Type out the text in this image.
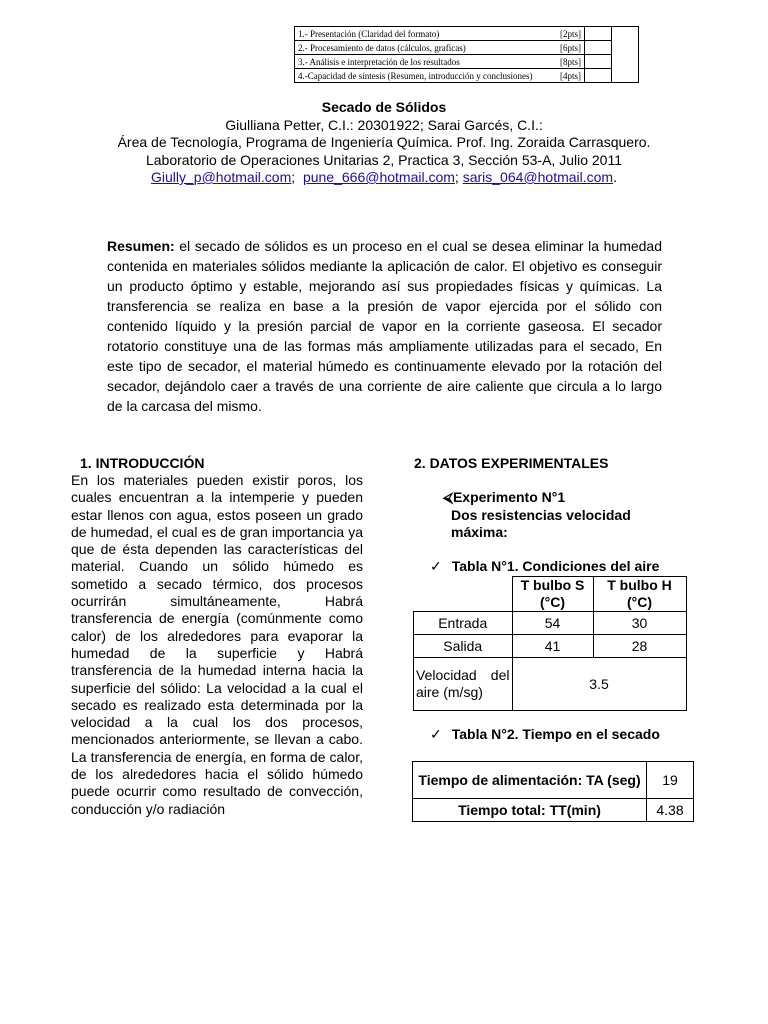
1.- Presentación (Claridad del formato) [2pts]		

2.- Procesamiento de datos (cálculos, graficas) [6pts]		

3.- Análisis e interpretación de los resultados [8pts]		

4.-Capacidad de síntesis (Resumen, introducción y conclusiones) [4pts]		

Secado de Sólidos
Giulliana Petter, C.I.: 20301922; Sarai Garcés, C.I.:
Área de Tecnología, Programa de Ingeniería Química. Prof. Ing. Zoraida Carrasquero.
Laboratorio de Operaciones Unitarias 2, Practica 3, Sección 53-A, Julio 2011
Giully_p@hotmail.com;  pune_666@hotmail.com; saris_064@hotmail.com.
Resumen: el secado de sólidos es un proceso en el cual se desea eliminar la humedad contenida en materiales sólidos mediante la aplicación de calor. El objetivo es conseguir un producto óptimo y estable, mejorando así sus propiedades físicas y químicas. La transferencia se realiza en base a la presión de vapor ejercida por el sólido con contenido líquido y la presión parcial de vapor en la corriente gaseosa. El secador rotatorio constituye una de las formas más ampliamente utilizadas para el secado, En este tipo de secador, el material húmedo es continuamente elevado por la rotación del secador, dejándolo caer a través de una corriente de aire caliente que circula a lo largo de la carcasa del mismo.
1. INTRODUCCIÓN
En los materiales pueden existir poros, los cuales encuentran a la intemperie y pueden estar llenos con agua, estos poseen un grado de humedad, el cual es de gran importancia ya que de ésta dependen las características del material. Cuando un sólido húmedo es sometido a secado térmico, dos procesos ocurrirán simultáneamente, Habrá transferencia de energía (comúnmente como calor) de los alrededores para evaporar la humedad de la superficie y Habrá transferencia de la humedad interna hacia la superficie del sólido: La velocidad a la cual el secado es realizado esta determinada por la velocidad a la cual los dos procesos, mencionados anteriormente, se llevan a cabo. La transferencia de energía, en forma de calor, de los alrededores hacia el sólido húmedo puede ocurrir como resultado de convección, conducción y/o radiación
2. DATOS EXPERIMENTALES
⮘Experimento N°1
Dos resistencias velocidad
máxima:
✓ Tabla N°1. Condiciones del aire
	T bulbo S (°C)	T bulbo H (°C)
Entrada	54	30
Salida	41	28
Velocidad del aire (m/sg)	3.5	
✓ Tabla N°2. Tiempo en el secado
Tiempo de alimentación: TA (seg)	19
Tiempo total: TT(min)	4.38
